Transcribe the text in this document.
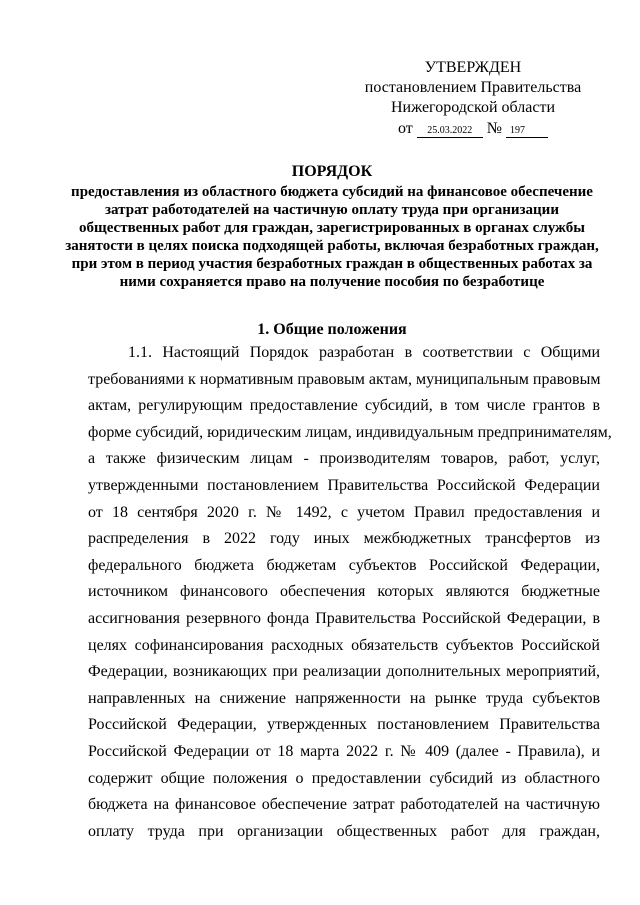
УТВЕРЖДЕН
постановлением Правительства
Нижегородской области
от 25.03.2022 № 197
ПОРЯДОК
предоставления из областного бюджета субсидий на финансовое обеспечение затрат работодателей на частичную оплату труда при организации общественных работ для граждан, зарегистрированных в органах службы занятости в целях поиска подходящей работы, включая безработных граждан, при этом в период участия безработных граждан в общественных работах за ними сохраняется право на получение пособия по безработице
1. Общие положения
1.1. Настоящий Порядок разработан в соответствии с Общими
требованиями к нормативным правовым актам, муниципальным правовым
актам, регулирующим предоставление субсидий, в том числе грантов в
форме субсидий, юридическим лицам, индивидуальным предпринимателям,
а также физическим лицам - производителям товаров, работ, услуг,
утвержденными постановлением Правительства Российской Федерации
от 18 сентября 2020 г. № 1492, с учетом Правил предоставления и
распределения в 2022 году иных межбюджетных трансфертов из
федерального бюджета бюджетам субъектов Российской Федерации,
источником финансового обеспечения которых являются бюджетные
ассигнования резервного фонда Правительства Российской Федерации, в
целях софинансирования расходных обязательств субъектов Российской
Федерации, возникающих при реализации дополнительных мероприятий,
направленных на снижение напряженности на рынке труда субъектов
Российской Федерации, утвержденных постановлением Правительства
Российской Федерации от 18 марта 2022 г. № 409 (далее - Правила), и
содержит общие положения о предоставлении субсидий из областного
бюджета на финансовое обеспечение затрат работодателей на частичную
оплату труда при организации общественных работ для граждан,
